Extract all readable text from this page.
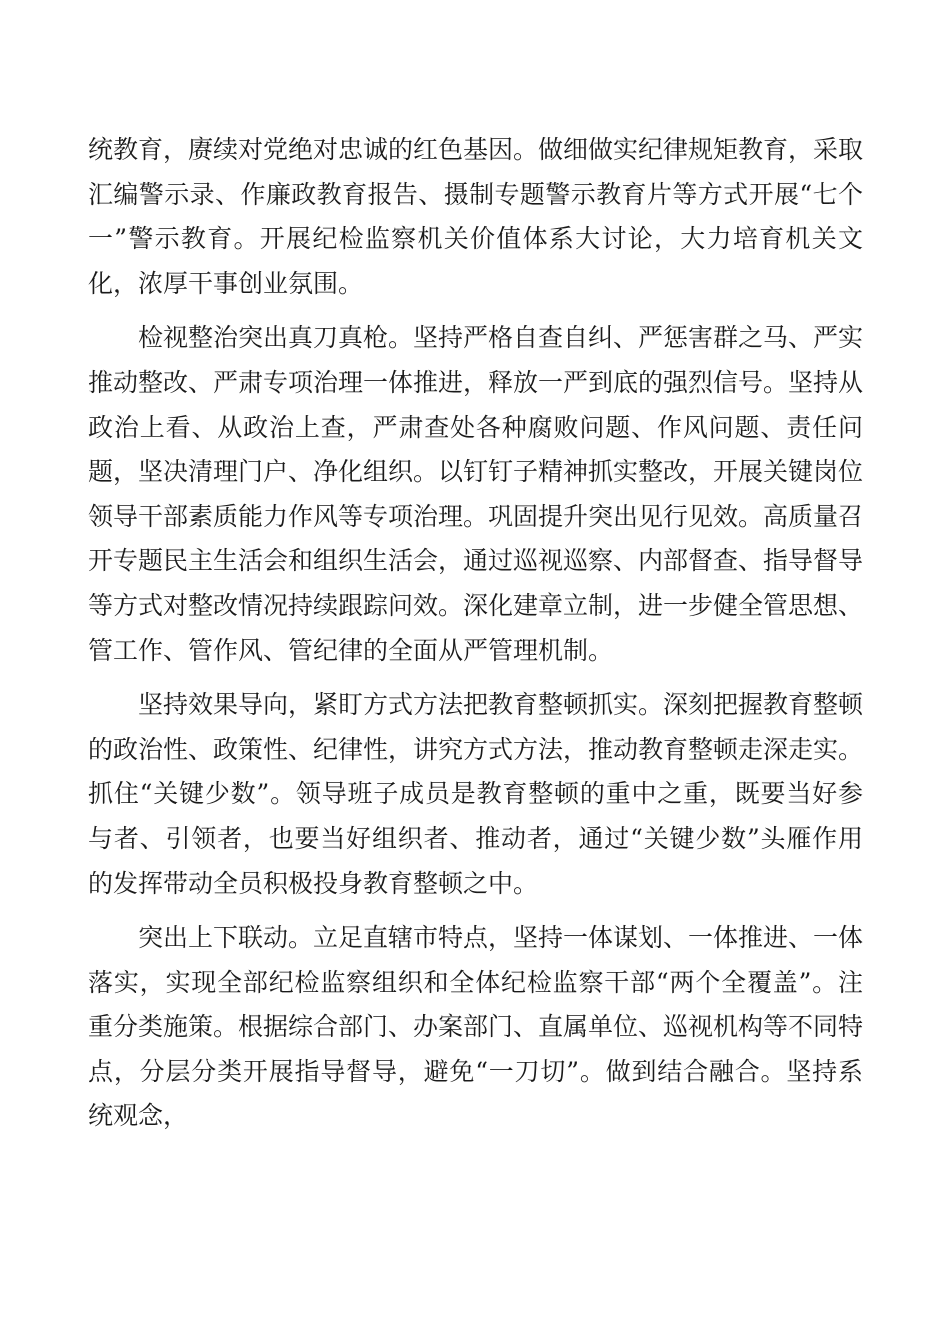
统教育，赓续对党绝对忠诚的红色基因。做细做实纪律规矩教育，采取汇编警示录、作廉政教育报告、摄制专题警示教育片等方式开展“七个一”警示教育。开展纪检监察机关价值体系大讨论，大力培育机关文化，浓厚干事创业氛围。

检视整治突出真刀真枪。坚持严格自查自纠、严惩害群之马、严实推动整改、严肃专项治理一体推进，释放一严到底的强烈信号。坚持从政治上看、从政治上查，严肃查处各种腐败问题、作风问题、责任问题，坚决清理门户、净化组织。以钉钉子精神抓实整改，开展关键岗位领导干部素质能力作风等专项治理。巩固提升突出见行见效。高质量召开专题民主生活会和组织生活会，通过巡视巡察、内部督查、指导督导等方式对整改情况持续跟踪问效。深化建章立制，进一步健全管思想、管工作、管作风、管纪律的全面从严管理机制。

坚持效果导向，紧盯方式方法把教育整顿抓实。深刻把握教育整顿的政治性、政策性、纪律性，讲究方式方法，推动教育整顿走深走实。抓住“关键少数”。领导班子成员是教育整顿的重中之重，既要当好参与者、引领者，也要当好组织者、推动者，通过“关键少数”头雁作用的发挥带动全员积极投身教育整顿之中。

突出上下联动。立足直辖市特点，坚持一体谋划、一体推进、一体落实，实现全部纪检监察组织和全体纪检监察干部“两个全覆盖”。注重分类施策。根据综合部门、办案部门、直属单位、巡视机构等不同特点，分层分类开展指导督导，避免“一刀切”。做到结合融合。坚持系统观念，
